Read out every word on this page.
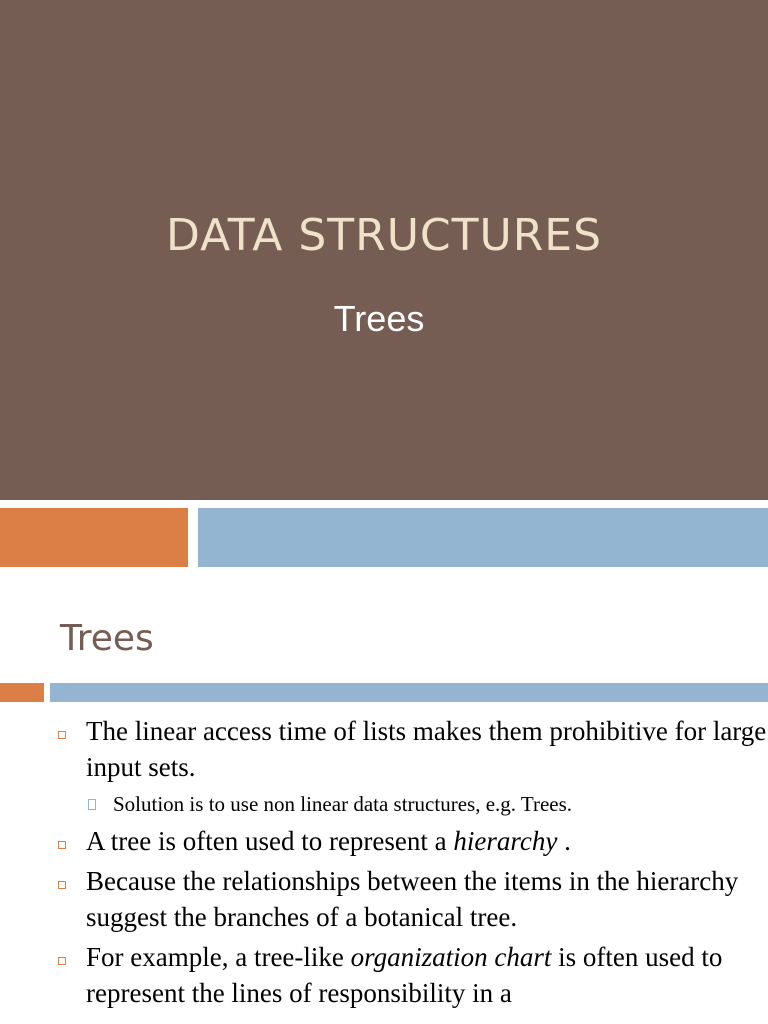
DATA STRUCTURES
Trees
Trees

The linear access time of lists makes them prohibitive for large input sets.

Solution is to use non linear data structures, e.g. Trees.

A tree is often used to represent a hierarchy .

Because the relationships between the items in the hierarchy suggest the branches of a botanical tree.

For example, a tree-like organization chart is often used to represent the lines of responsibility in a
